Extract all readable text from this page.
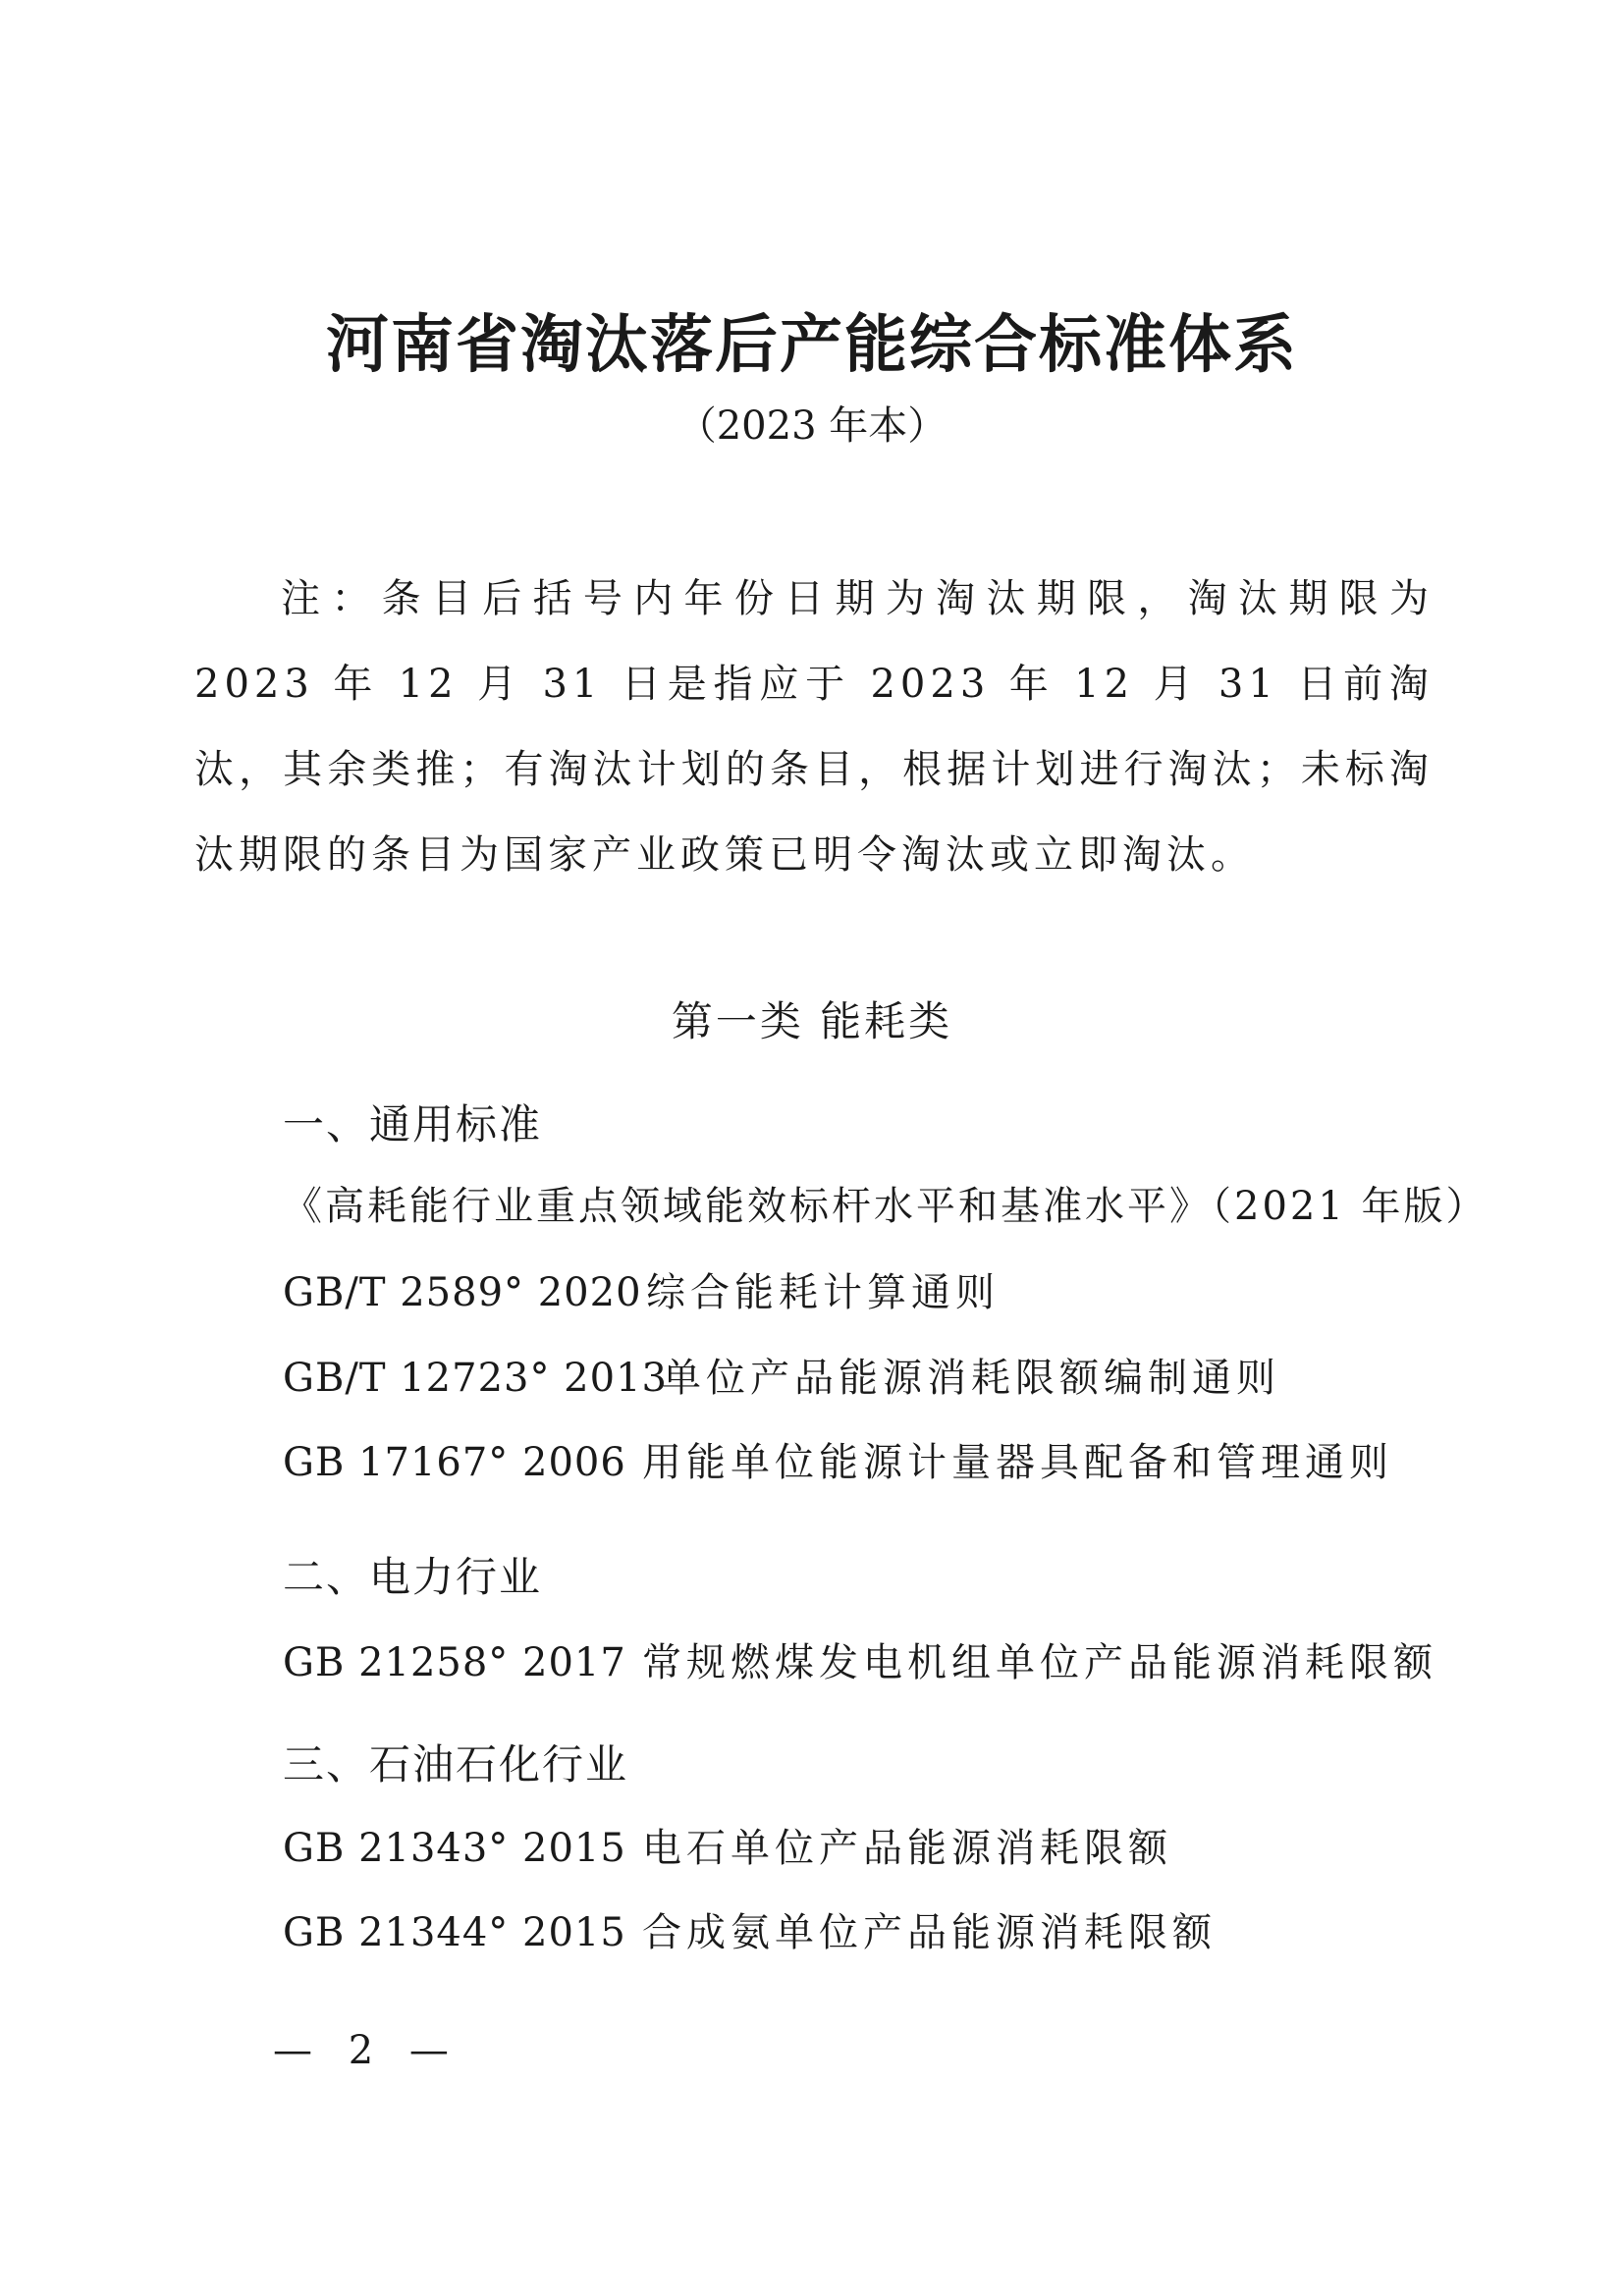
河南省淘汰落后产能综合标准体系
（2023 年本）
注：条目后括号内年份日期为淘汰期限，淘汰期限为 2023 年 12 月 31 日是指应于 2023 年 12 月 31 日前淘汰，其余类推；有淘汰计划的条目，根据计划进行淘汰；未标淘汰期限的条目为国家产业政策已明令淘汰或立即淘汰。
第一类 能耗类
一、通用标准
《高耗能行业重点领域能效标杆水平和基准水平》（2021 年版）
GB/T 2589° 2020 综合能耗计算通则
GB/T 12723° 2013单位产品能源消耗限额编制通则
GB 17167° 2006 用能单位能源计量器具配备和管理通则
二、电力行业
GB 21258° 2017 常规燃煤发电机组单位产品能源消耗限额
三、石油石化行业
GB 21343° 2015 电石单位产品能源消耗限额
GB 21344° 2015 合成氨单位产品能源消耗限额
— 2 —
